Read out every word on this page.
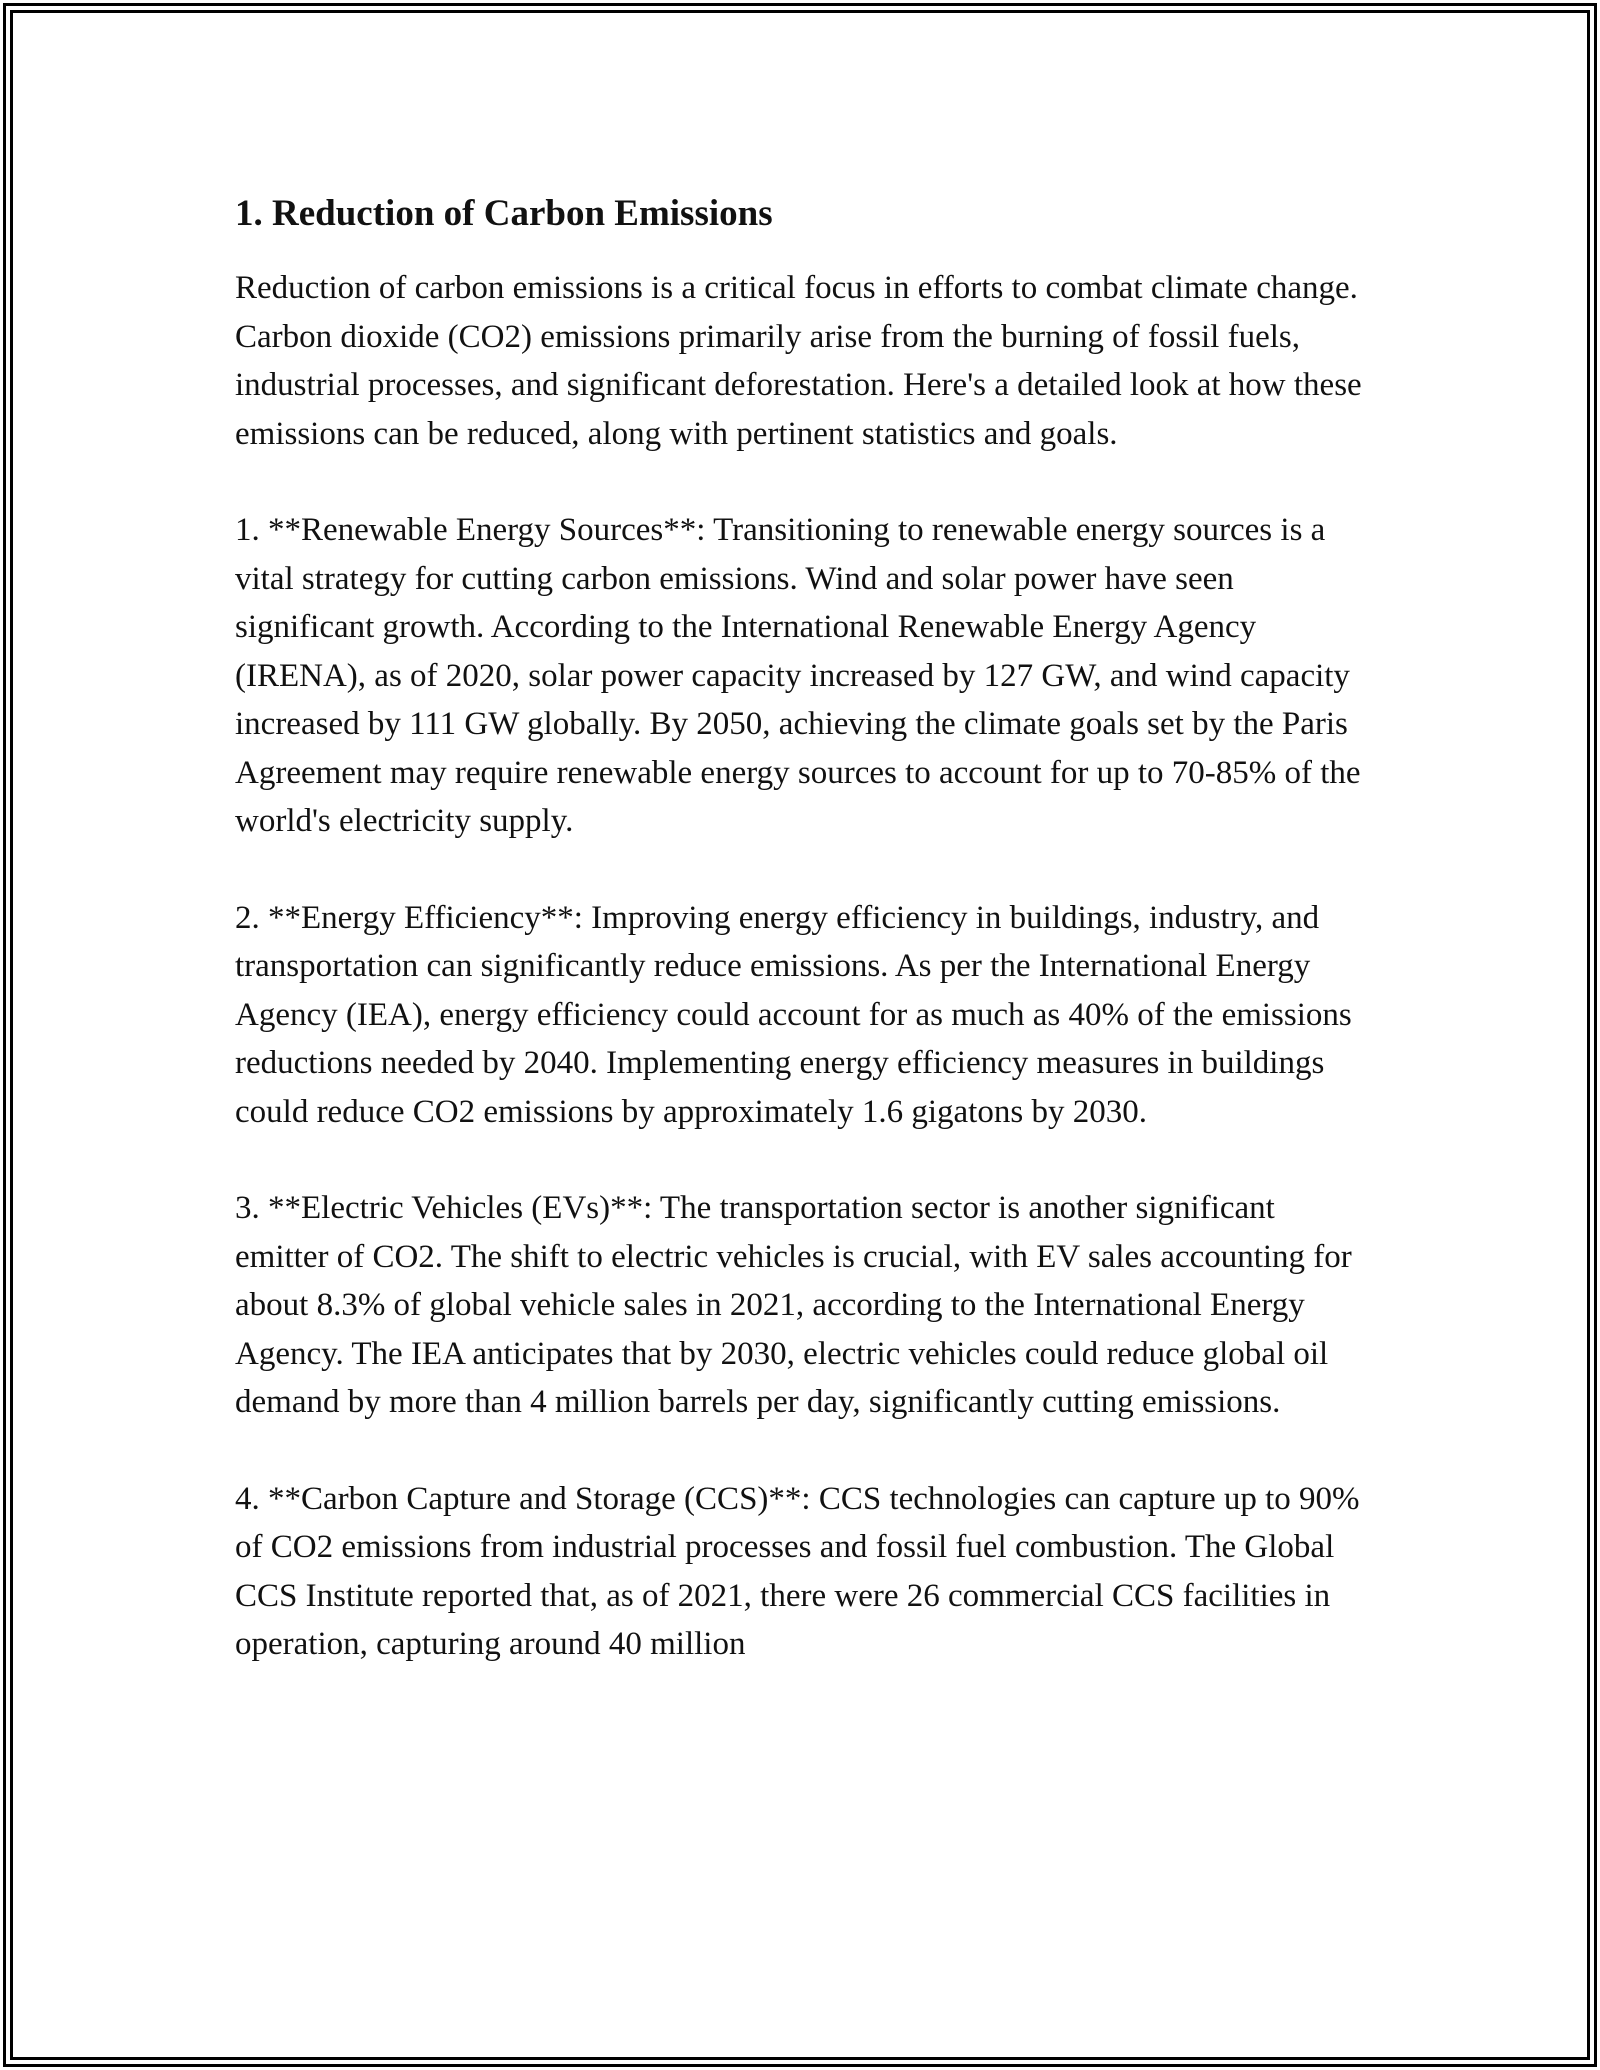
1. Reduction of Carbon Emissions

Reduction of carbon emissions is a critical focus in efforts to combat climate change. Carbon dioxide (CO2) emissions primarily arise from the burning of fossil fuels, industrial processes, and significant deforestation. Here's a detailed look at how these emissions can be reduced, along with pertinent statistics and goals.

1. **Renewable Energy Sources**: Transitioning to renewable energy sources is a vital strategy for cutting carbon emissions. Wind and solar power have seen significant growth. According to the International Renewable Energy Agency (IRENA), as of 2020, solar power capacity increased by 127 GW, and wind capacity increased by 111 GW globally. By 2050, achieving the climate goals set by the Paris Agreement may require renewable energy sources to account for up to 70-85% of the world's electricity supply.

2. **Energy Efficiency**: Improving energy efficiency in buildings, industry, and transportation can significantly reduce emissions. As per the International Energy Agency (IEA), energy efficiency could account for as much as 40% of the emissions reductions needed by 2040. Implementing energy efficiency measures in buildings could reduce CO2 emissions by approximately 1.6 gigatons by 2030.

3. **Electric Vehicles (EVs)**: The transportation sector is another significant emitter of CO2. The shift to electric vehicles is crucial, with EV sales accounting for about 8.3% of global vehicle sales in 2021, according to the International Energy Agency. The IEA anticipates that by 2030, electric vehicles could reduce global oil demand by more than 4 million barrels per day, significantly cutting emissions.

4. **Carbon Capture and Storage (CCS)**: CCS technologies can capture up to 90% of CO2 emissions from industrial processes and fossil fuel combustion. The Global CCS Institute reported that, as of 2021, there were 26 commercial CCS facilities in operation, capturing around 40 million
